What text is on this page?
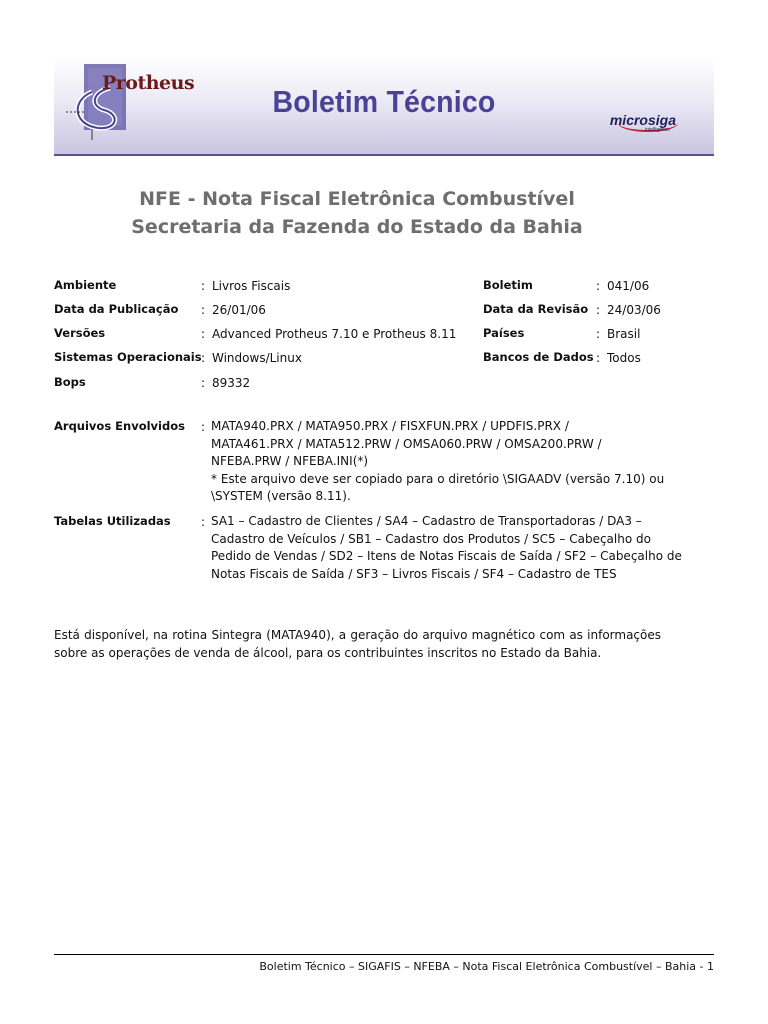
Protheus
Boletim Técnico
microsiga
intelligence
NFE - Nota Fiscal Eletrônica Combustível
Secretaria da Fazenda do Estado da Bahia
Ambiente	: Livros Fiscais
Data da Publicação : 26/01/06
Versões	: Advanced Protheus 7.10 e Protheus 8.11
Sistemas Operacionais : Windows/Linux
Bops	: 89332
Boletim	: 041/06
Data da Revisão : 24/03/06
Países	: Brasil
Bancos de Dados : Todos
Arquivos Envolvidos : MATA940.PRX / MATA950.PRX / FISXFUN.PRX / UPDFIS.PRX /
MATA461.PRX / MATA512.PRW / OMSA060.PRW / OMSA200.PRW /
NFEBA.PRW / NFEBA.INI(*)
* Este arquivo deve ser copiado para o diretório \SIGAADV (versão 7.10) ou
\SYSTEM (versão 8.11).
Tabelas Utilizadas	: SA1 – Cadastro de Clientes / SA4 – Cadastro de Transportadoras / DA3 –
Cadastro de Veículos / SB1 – Cadastro dos Produtos / SC5 – Cabeçalho do
Pedido de Vendas / SD2 – Itens de Notas Fiscais de Saída / SF2 – Cabeçalho de
Notas Fiscais de Saída / SF3 – Livros Fiscais / SF4 – Cadastro de TES
Está disponível, na rotina Sintegra (MATA940), a geração do arquivo magnético com as informações sobre as operações de venda de álcool, para os contribuintes inscritos no Estado da Bahia.
Boletim Técnico – SIGAFIS – NFEBA – Nota Fiscal Eletrônica Combustível – Bahia - 1
